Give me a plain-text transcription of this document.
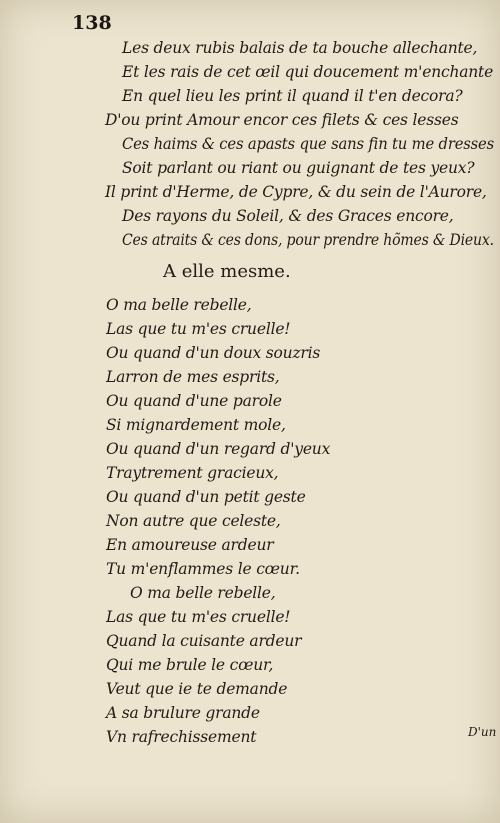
138
Les deux rubis balais de ta bouche allechante,
Et les rais de cet œil qui doucement m'enchante
En quel lieu les print il quand il t'en decora?
D'ou print Amour encor ces filets & ces lesses
Ces haims & ces apasts que sans fin tu me dresses
Soit parlant ou riant ou guignant de tes yeux?
Il print d'Herme, de Cypre, & du sein de l'Aurore,
Des rayons du Soleil, & des Graces encore,
Ces atraits & ces dons, pour prendre hõmes & Dieux.
A elle mesme.
O ma belle rebelle,
Las que tu m'es cruelle!
Ou quand d'un doux souzris
Larron de mes esprits,
Ou quand d'une parole
Si mignardement mole,
Ou quand d'un regard d'yeux
Traytrement gracieux,
Ou quand d'un petit geste
Non autre que celeste,
En amoureuse ardeur
Tu m'enflammes le cœur.
O ma belle rebelle,
Las que tu m'es cruelle!
Quand la cuisante ardeur
Qui me brule le cœur,
Veut que ie te demande
A sa brulure grande
Vn rafrechissement	D'un
